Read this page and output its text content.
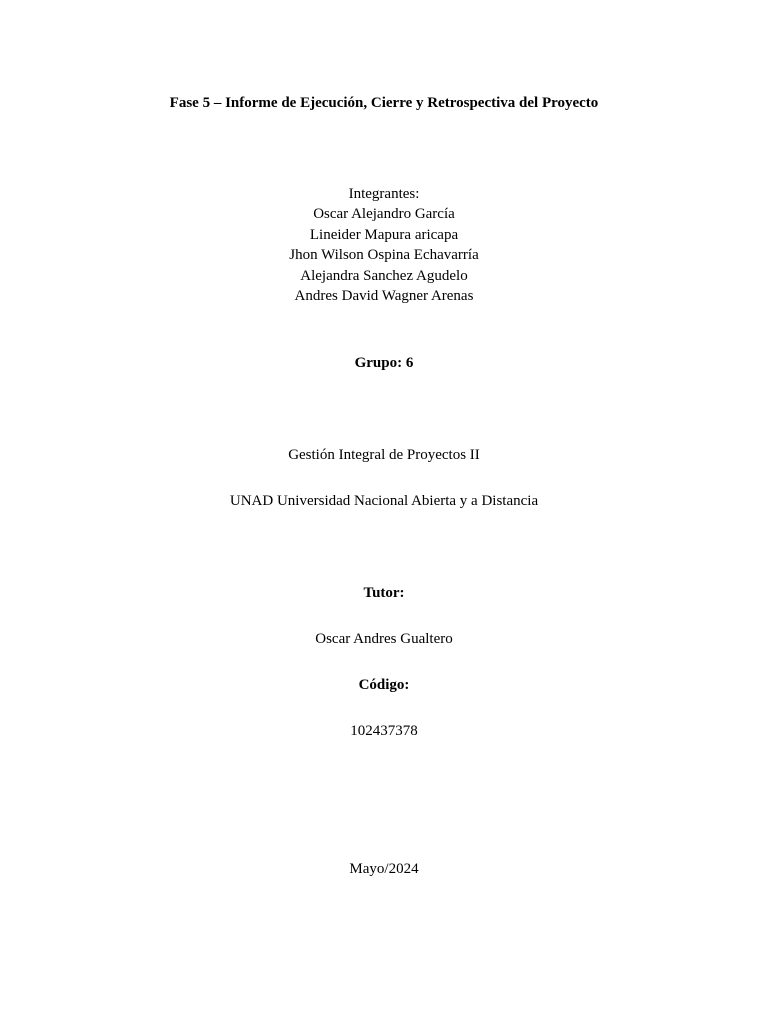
Fase 5 – Informe de Ejecución, Cierre y Retrospectiva del Proyecto
Integrantes:
Oscar Alejandro García
Lineider Mapura aricapa
Jhon Wilson Ospina Echavarría
Alejandra Sanchez Agudelo
Andres David Wagner Arenas
Grupo: 6
Gestión Integral de Proyectos II
UNAD Universidad Nacional Abierta y a Distancia
Tutor:
Oscar Andres Gualtero
Código:
102437378
Mayo/2024
